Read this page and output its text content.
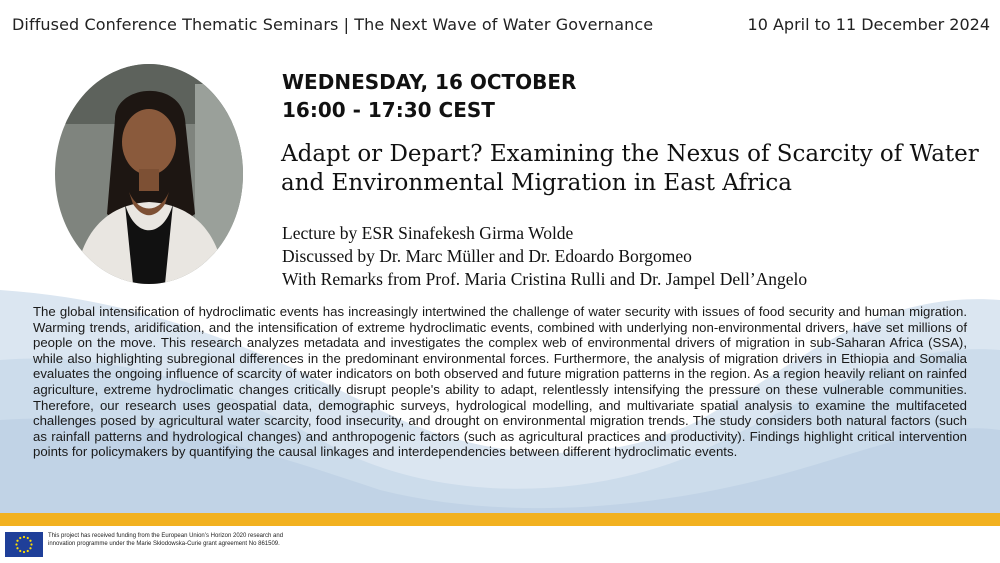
Diffused Conference Thematic Seminars | The Next Wave of Water Governance	10 April to 11 December 2024
WEDNESDAY, 16 OCTOBER
16:00 - 17:30 CEST
Adapt or Depart? Examining the Nexus of Scarcity of Water and Environmental Migration in East Africa
Lecture by ESR Sinafekesh Girma Wolde
Discussed by Dr. Marc Müller and Dr. Edoardo Borgomeo
With Remarks from Prof. Maria Cristina Rulli and Dr. Jampel Dell’Angelo
The global intensification of hydroclimatic events has increasingly intertwined the challenge of water security with issues of food security and human migration. Warming trends, aridification, and the intensification of extreme hydroclimatic events, combined with underlying non-environmental drivers, have set millions of people on the move. This research analyzes metadata and investigates the complex web of environmental drivers of migration in sub-Saharan Africa (SSA), while also highlighting subregional differences in the predominant environmental forces. Furthermore, the analysis of migration drivers in Ethiopia and Somalia evaluates the ongoing influence of scarcity of water indicators on both observed and future migration patterns in the region. As a region heavily reliant on rainfed agriculture, extreme hydroclimatic changes critically disrupt people's ability to adapt, relentlessly intensifying the pressure on these vulnerable communities. Therefore, our research uses geospatial data, demographic surveys, hydrological modelling, and multivariate spatial analysis to examine the multifaceted challenges posed by agricultural water scarcity, food insecurity, and drought on environmental migration trends. The study considers both natural factors (such as rainfall patterns and hydrological changes) and anthropogenic factors (such as agricultural practices and productivity). Findings highlight critical intervention points for policymakers by quantifying the causal linkages and interdependencies between different hydroclimatic events.
This project has received funding from the European Union’s Horizon 2020 research and innovation programme under the Marie Skłodowska-Curie grant agreement No 861509.
